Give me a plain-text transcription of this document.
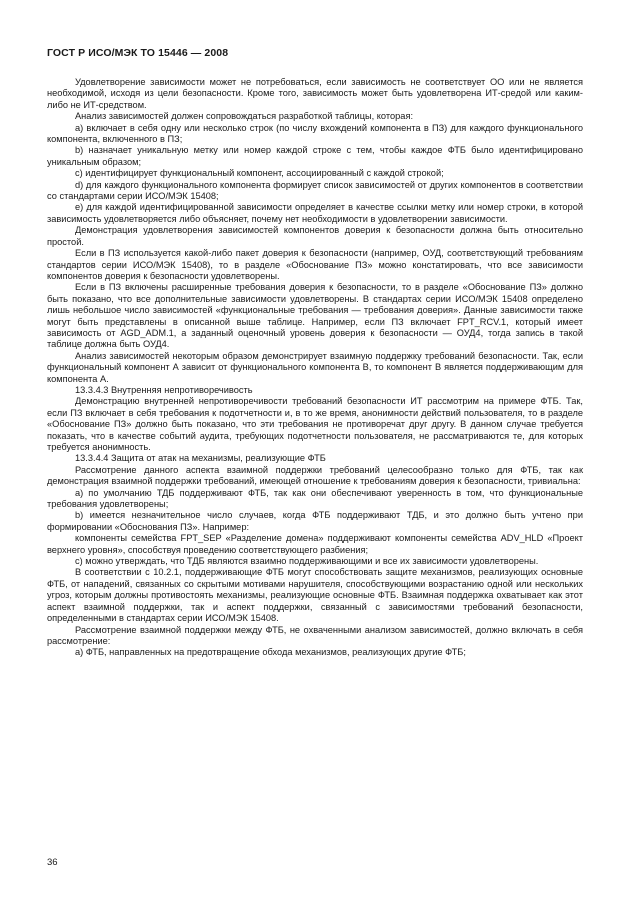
ГОСТ Р ИСО/МЭК ТО 15446 — 2008

Удовлетворение зависимости может не потребоваться, если зависимость не соответствует ОО или не является необходимой, исходя из цели безопасности. Кроме того, зависимость может быть удовлетворена ИТ-средой или каким-либо не ИТ-средством.

Анализ зависимостей должен сопровождаться разработкой таблицы, которая:

а) включает в себя одну или несколько строк (по числу вхождений компонента в ПЗ) для каждого функционального компонента, включенного в ПЗ;

b) назначает уникальную метку или номер каждой строке с тем, чтобы каждое ФТБ было идентифицировано уникальным образом;

c) идентифицирует функциональный компонент, ассоциированный с каждой строкой;

d) для каждого функционального компонента формирует список зависимостей от других компонентов в соответствии со стандартами серии ИСО/МЭК 15408;

е) для каждой идентифицированной зависимости определяет в качестве ссылки метку или номер строки, в которой зависимость удовлетворяется либо объясняет, почему нет необходимости в удовлетворении зависимости.

Демонстрация удовлетворения зависимостей компонентов доверия к безопасности должна быть относительно простой.

Если в ПЗ используется какой-либо пакет доверия к безопасности (например, ОУД, соответствующий требованиям стандартов серии ИСО/МЭК 15408), то в разделе «Обоснование ПЗ» можно констатировать, что все зависимости компонентов доверия к безопасности удовлетворены.

Если в ПЗ включены расширенные требования доверия к безопасности, то в разделе «Обоснование ПЗ» должно быть показано, что все дополнительные зависимости удовлетворены. В стандартах серии ИСО/МЭК 15408 определено лишь небольшое число зависимостей «функциональные требования — требования доверия». Данные зависимости также могут быть представлены в описанной выше таблице. Например, если ПЗ включает FPT_RCV.1, который имеет зависимость от AGD_ADM.1, а заданный оценочный уровень доверия к безопасности — ОУД4, тогда запись в такой таблице должна быть ОУД4.

Анализ зависимостей некоторым образом демонстрирует взаимную поддержку требований безопасности. Так, если функциональный компонент А зависит от функционального компонента В, то компонент В является поддерживающим для компонента А.

13.3.4.3 Внутренняя непротиворечивость

Демонстрацию внутренней непротиворечивости требований безопасности ИТ рассмотрим на примере ФТБ. Так, если ПЗ включает в себя требования к подотчетности и, в то же время, анонимности действий пользователя, то в разделе «Обоснование ПЗ» должно быть показано, что эти требования не противоречат друг другу. В данном случае требуется показать, что в качестве событий аудита, требующих подотчетности пользователя, не рассматриваются те, для которых требуется анонимность.

13.3.4.4 Защита от атак на механизмы, реализующие ФТБ

Рассмотрение данного аспекта взаимной поддержки требований целесообразно только для ФТБ, так как демонстрация взаимной поддержки требований, имеющей отношение к требованиям доверия к безопасности, тривиальна:

а) по умолчанию ТДБ поддерживают ФТБ, так как они обеспечивают уверенность в том, что функциональные требования удовлетворены;

b) имеется незначительное число случаев, когда ФТБ поддерживают ТДБ, и это должно быть учтено при формировании «Обоснования ПЗ». Например:

компоненты семейства FPT_SEP «Разделение домена» поддерживают компоненты семейства ADV_HLD «Проект верхнего уровня», способствуя проведению соответствующего разбиения;

c) можно утверждать, что ТДБ являются взаимно поддерживающими и все их зависимости удовлетворены.

В соответствии с 10.2.1, поддерживающие ФТБ могут способствовать защите механизмов, реализующих основные ФТБ, от нападений, связанных со скрытыми мотивами нарушителя, способствующими возрастанию одной или нескольких угроз, которым должны противостоять механизмы, реализующие основные ФТБ. Взаимная поддержка охватывает как этот аспект взаимной поддержки, так и аспект поддержки, связанный с зависимостями требований безопасности, определенными в стандартах серии ИСО/МЭК 15408.

Рассмотрение взаимной поддержки между ФТБ, не охваченными анализом зависимостей, должно включать в себя рассмотрение:

а) ФТБ, направленных на предотвращение обхода механизмов, реализующих другие ФТБ;

36
